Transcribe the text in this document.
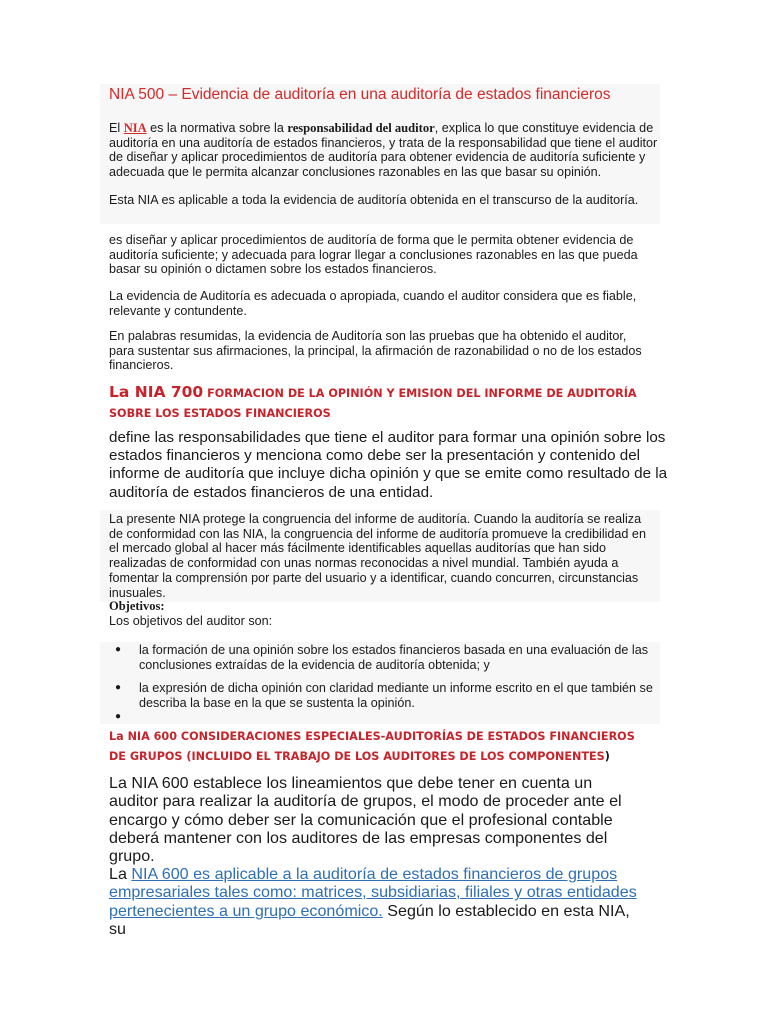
NIA 500 – Evidencia de auditoría en una auditoría de estados financieros
El NIA es la normativa sobre la responsabilidad del auditor, explica lo que constituye evidencia de auditoría en una auditoría de estados financieros, y trata de la responsabilidad que tiene el auditor de diseñar y aplicar procedimientos de auditoría para obtener evidencia de auditoría suficiente y adecuada que le permita alcanzar conclusiones razonables en las que basar su opinión.
Esta NIA es aplicable a toda la evidencia de auditoría obtenida en el transcurso de la auditoría.
es diseñar y aplicar procedimientos de auditoría de forma que le permita obtener evidencia de auditoría suficiente; y adecuada para lograr llegar a conclusiones razonables en las que pueda basar su opinión o dictamen sobre los estados financieros.
La evidencia de Auditoría es adecuada o apropiada, cuando el auditor considera que es fiable, relevante y contundente.
En palabras resumidas, la evidencia de Auditoría son las pruebas que ha obtenido el auditor, para sustentar sus afirmaciones, la principal, la afirmación de razonabilidad o no de los estados financieros.
La NIA 700 FORMACION DE LA OPINIÓN Y EMISION DEL INFORME DE AUDITORÍA SOBRE LOS ESTADOS FINANCIEROS
define las responsabilidades que tiene el auditor para formar una opinión sobre los estados financieros y menciona como debe ser la presentación y contenido del informe de auditoría que incluye dicha opinión y que se emite como resultado de la auditoría de estados financieros de una entidad.
La presente NIA protege la congruencia del informe de auditoría. Cuando la auditoría se realiza de conformidad con las NIA, la congruencia del informe de auditoría promueve la credibilidad en el mercado global al hacer más fácilmente identificables aquellas auditorías que han sido realizadas de conformidad con unas normas reconocidas a nivel mundial. También ayuda a fomentar la comprensión por parte del usuario y a identificar, cuando concurren, circunstancias inusuales.
Objetivos:
Los objetivos del auditor son:
● la formación de una opinión sobre los estados financieros basada en una evaluación de las conclusiones extraídas de la evidencia de auditoría obtenida; y
● la expresión de dicha opinión con claridad mediante un informe escrito en el que también se describa la base en la que se sustenta la opinión.
●
La NIA 600 CONSIDERACIONES ESPECIALES-AUDITORÍAS DE ESTADOS FINANCIEROS DE GRUPOS (INCLUIDO EL TRABAJO DE LOS AUDITORES DE LOS COMPONENTES)
La NIA 600 establece los lineamientos que debe tener en cuenta un auditor para realizar la auditoría de grupos, el modo de proceder ante el encargo y cómo deber ser la comunicación que el profesional contable deberá mantener con los auditores de las empresas componentes del grupo.
La NIA 600 es aplicable a la auditoría de estados financieros de grupos empresariales tales como: matrices, subsidiarias, filiales y otras entidades pertenecientes a un grupo económico. Según lo establecido en esta NIA, su
